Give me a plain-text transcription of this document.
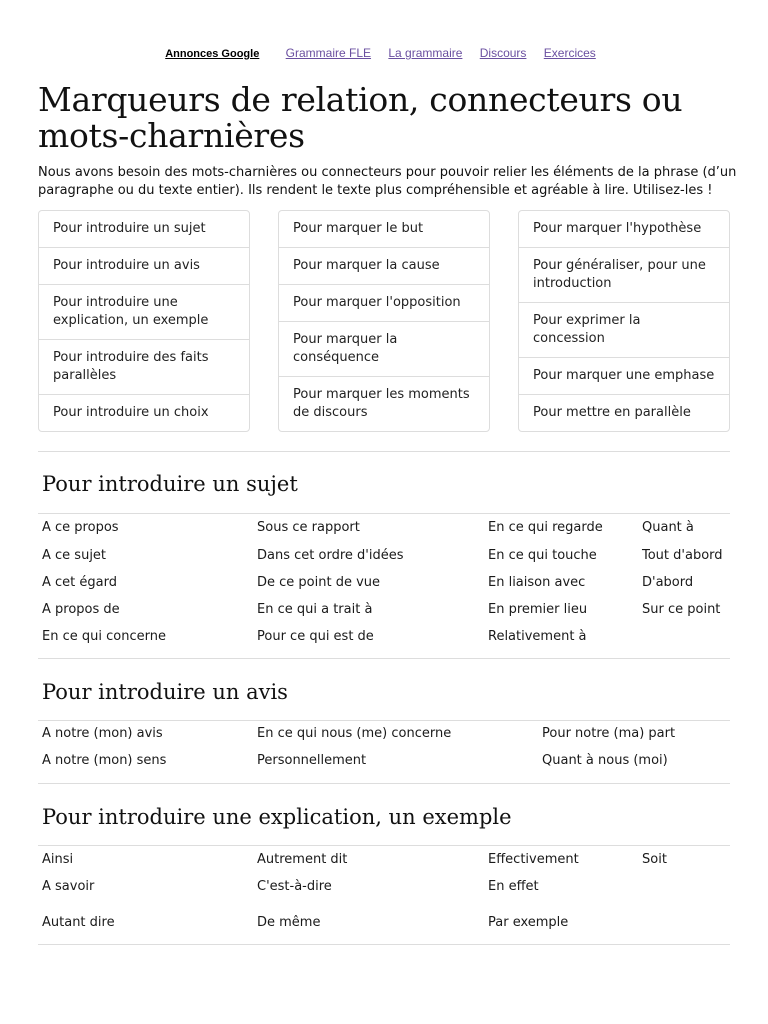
Annonces Google Grammaire FLE La grammaire Discours Exercices
Marqueurs de relation, connecteurs ou mots-charnières

Nous avons besoin des mots-charnières ou connecteurs pour pouvoir relier les éléments de la phrase (d’un paragraphe ou du texte entier). Ils rendent le texte plus compréhensible et agréable à lire. Utilisez-les !

Pour introduire un sujet
Pour introduire un avis
Pour introduire une explication, un exemple
Pour introduire des faits parallèles
Pour introduire un choix
Pour marquer le but
Pour marquer la cause
Pour marquer l'opposition
Pour marquer la conséquence
Pour marquer les moments de discours
Pour marquer l'hypothèse
Pour généraliser, pour une introduction
Pour exprimer la concession
Pour marquer une emphase
Pour mettre en parallèle
Pour introduire un sujet
A ce propos	Sous ce rapport	En ce qui regarde	Quant à
A ce sujet	Dans cet ordre d'idées	En ce qui touche	Tout d'abord
A cet égard	De ce point de vue	En liaison avec	D'abord
A propos de	En ce qui a trait à	En premier lieu	Sur ce point
En ce qui concerne	Pour ce qui est de	Relativement à	
Pour introduire un avis
A notre (mon) avis	En ce qui nous (me) concerne	Pour notre (ma) part
A notre (mon) sens	Personnellement	Quant à nous (moi)
Pour introduire une explication, un exemple
Ainsi	Autrement dit	Effectivement	Soit
A savoir	C'est-à-dire	En effet	
Autant dire	De même	Par exemple	
